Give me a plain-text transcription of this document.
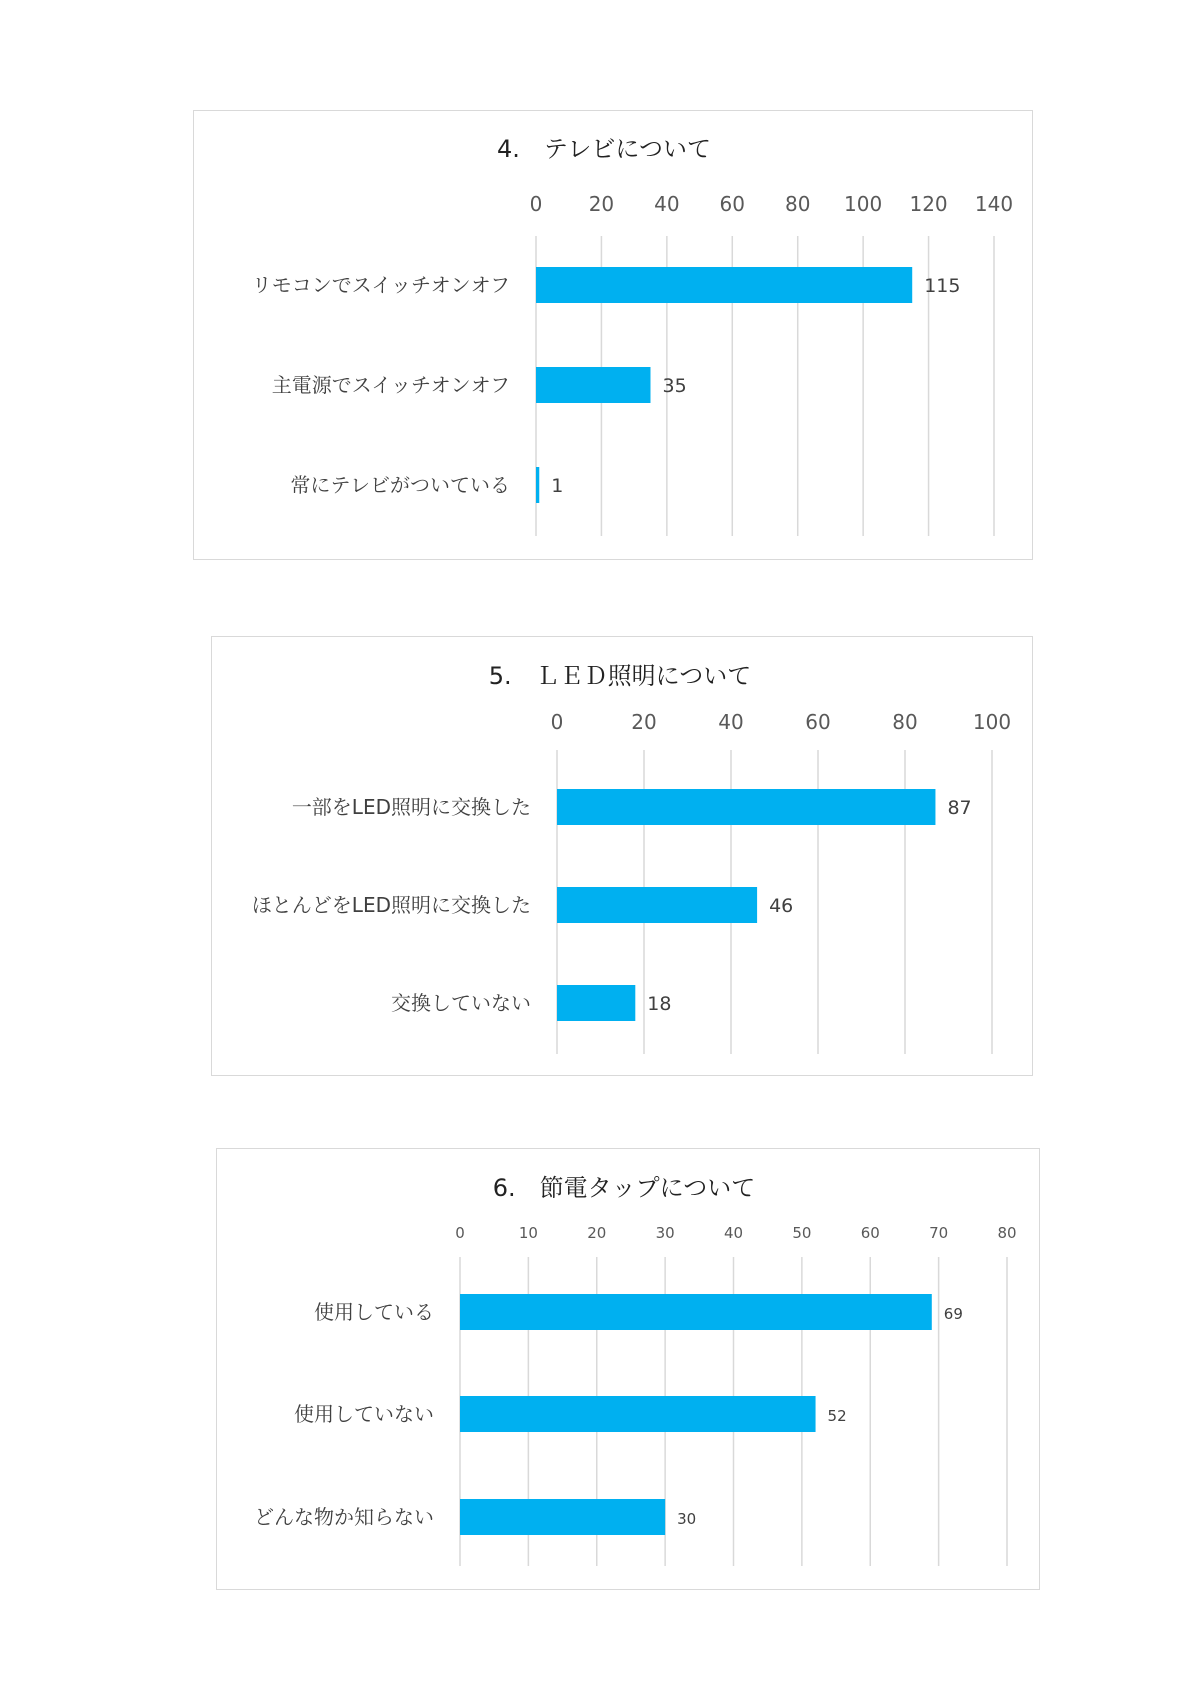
4.　テレビについて
0 20 40 60 80 100 120 140
リモコンでスイッチオンオフ	115
主電源でスイッチオンオフ	35
常にテレビがついている 1
5.　ＬＥＤ照明について
0	20	40	60	80	100
一部をLED照明に交換した	87
ほとんどをLED照明に交換した	46
交換していない	18
6.　節電タップについて
0	10	20	30	40	50	60	70	80
使用している	69
使用していない	52
どんな物か知らない	30
